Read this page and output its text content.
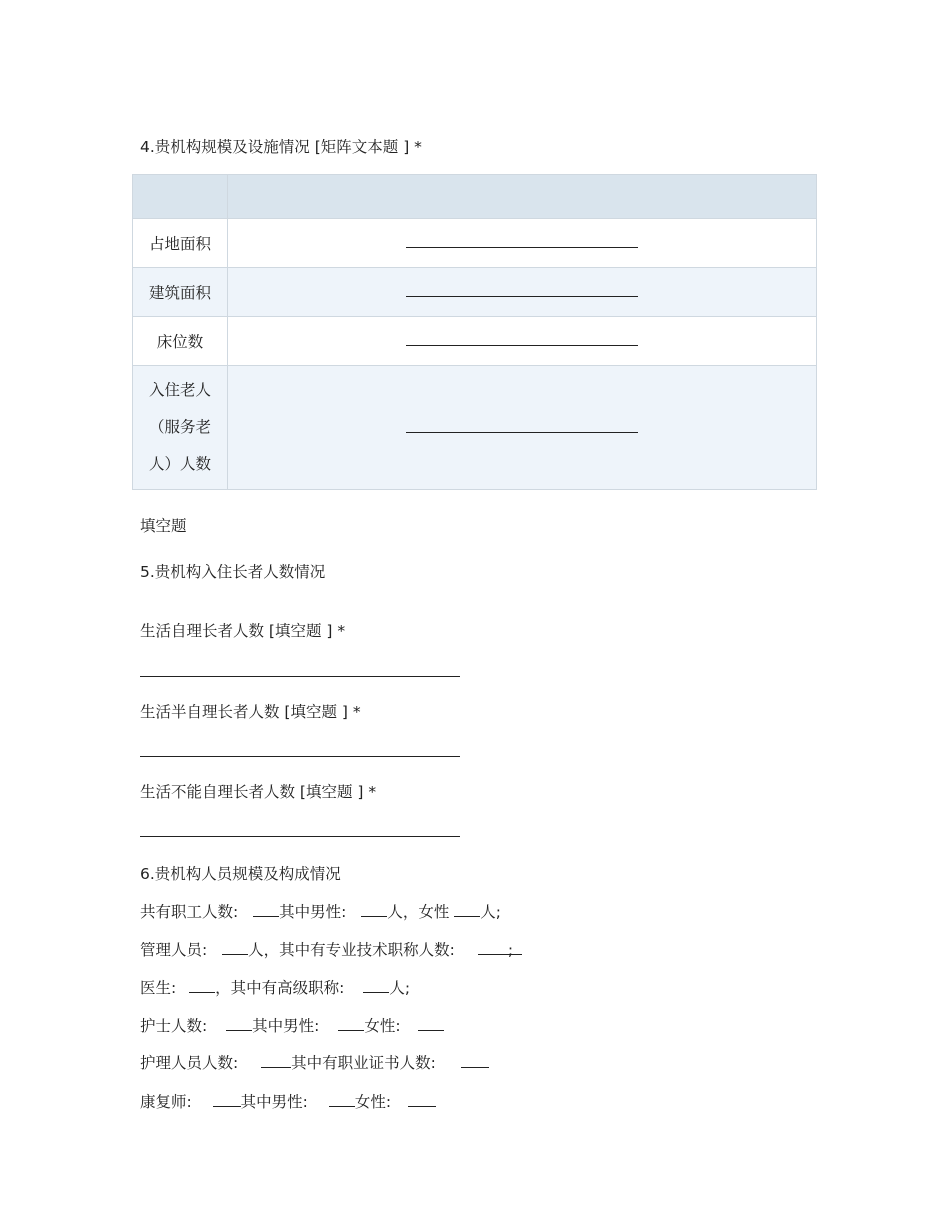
4.贵机构规模及设施情况 [矩阵文本题 ] *

占地面积	
建筑面积	
床位数	
入住老人（服务老人）人数	
填空题
5.贵机构入住长者人数情况
生活自理长者人数 [填空题 ] *
生活半自理长者人数 [填空题 ] *
生活不能自理长者人数 [填空题 ] *
6.贵机构人员规模及构成情况
共有职工人数:	其中男性:	人，女性 人;
管理人员:	人，其中有专业技术职称人数:	;
医生:	，其中有高级职称:	人;
护士人数:	其中男性:	女性:
护理人员人数:	其中有职业证书人数:
康复师:	其中男性:	女性:
